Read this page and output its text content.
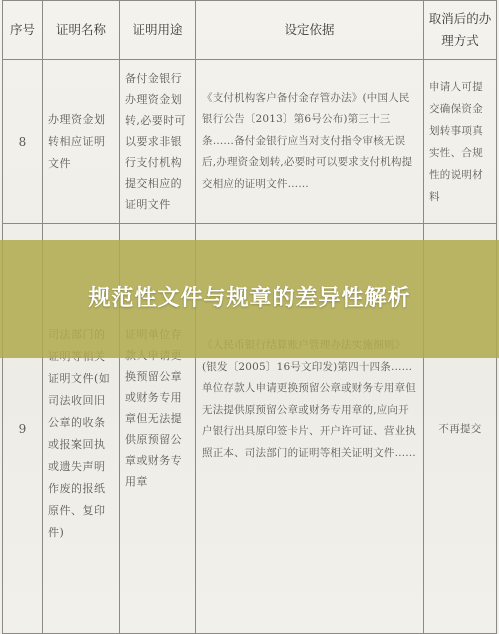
序号	证明名称	证明用途	设定依据	取消后的办理方式
8	办理资金划转相应证明文件	备付金银行办理资金划转,必要时可以要求非银行支付机构提交相应的证明文件	《支付机构客户备付金存管办法》(中国人民银行公告〔2013〕第6号公布)第三十三条……备付金银行应当对支付指令审核无误后,办理资金划转,必要时可以要求支付机构提交相应的证明文件……	申请人可提交确保资金划转事项真实性、合规性的说明材料
9	证明文件(如司法收回旧公章的收条或报案回执或遗失声明作废的报纸原件、复印件)	换预留公章或财务专用章但无法提供原预留公章或财务专用章	(银发〔2005〕16号文印发)第四十四条……单位存款人申请更换预留公章或财务专用章但无法提供原预留公章或财务专用章的,应向开户银行出具原印签卡片、开户许可证、营业执照正本、司法部门的证明等相关证明文件……	不再提交
规范性文件与规章的差异性解析
